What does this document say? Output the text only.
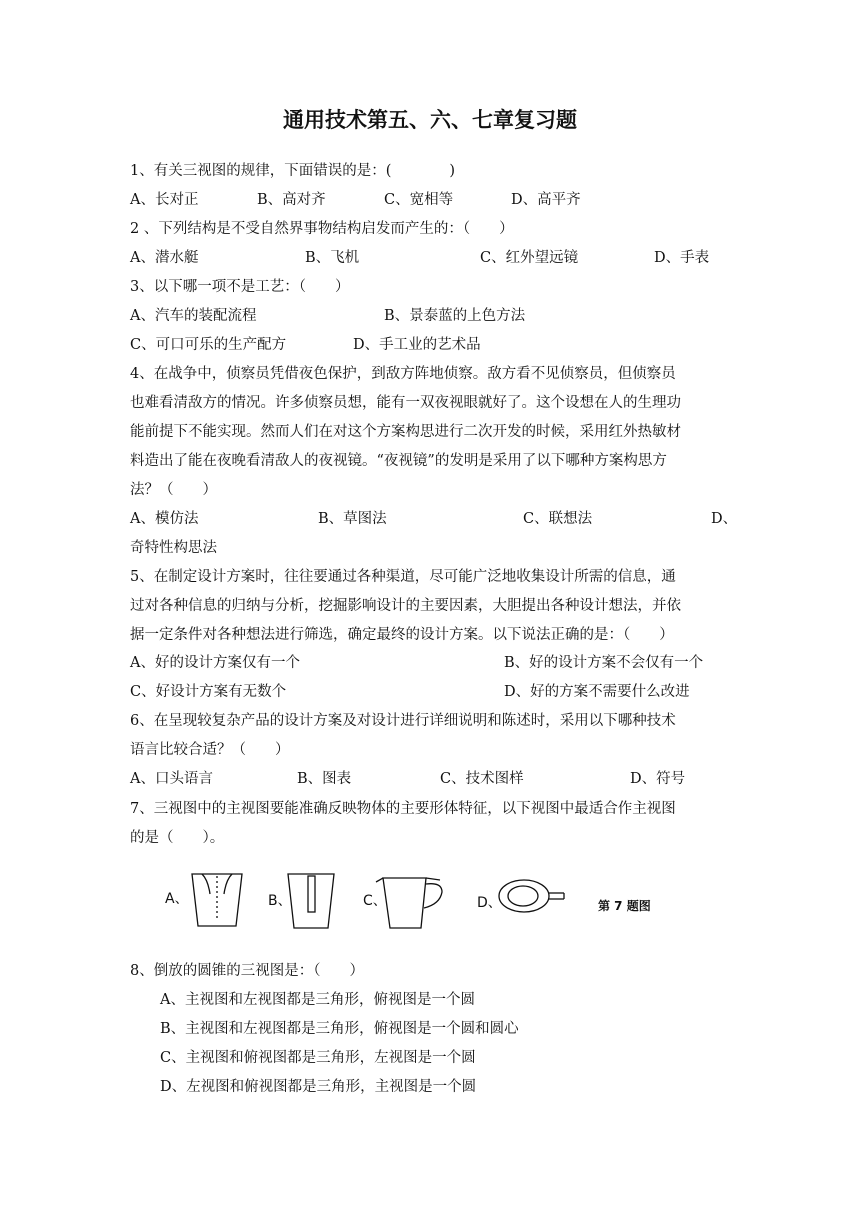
通用技术第五、六、七章复习题
1、有关三视图的规律，下面错误的是：(　　　　)
A、长对正	B、高对齐	C、宽相等	D、高平齐
2 、下列结构是不受自然界事物结构启发而产生的：（　　）
A、潜水艇	B、飞机	C、红外望远镜	D、手表
3、以下哪一项不是工艺：（　　）
A、汽车的装配流程	B、景泰蓝的上色方法
C、可口可乐的生产配方	D、手工业的艺术品
4、在战争中，侦察员凭借夜色保护，到敌方阵地侦察。敌方看不见侦察员，但侦察员
也难看清敌方的情况。许多侦察员想，能有一双夜视眼就好了。这个设想在人的生理功
能前提下不能实现。然而人们在对这个方案构思进行二次开发的时候，采用红外热敏材
料造出了能在夜晚看清敌人的夜视镜。“夜视镜”的发明是采用了以下哪种方案构思方
法？（　　）
A、模仿法	B、草图法	C、联想法	D、
奇特性构思法
5、在制定设计方案时，往往要通过各种渠道，尽可能广泛地收集设计所需的信息，通
过对各种信息的归纳与分析，挖掘影响设计的主要因素，大胆提出各种设计想法，并依
据一定条件对各种想法进行筛选，确定最终的设计方案。以下说法正确的是：（　　）
A、好的设计方案仅有一个	B、好的设计方案不会仅有一个
C、好设计方案有无数个	D、好的方案不需要什么改进
6、在呈现较复杂产品的设计方案及对设计进行详细说明和陈述时，采用以下哪种技术
语言比较合适？（　　）
A、口头语言	B、图表	C、技术图样	D、符号
7、三视图中的主视图要能准确反映物体的主要形体特征，以下视图中最适合作主视图
的是（　　）。
A、	B、	C、	D、	第 7 题图
8、倒放的圆锥的三视图是：（　　）
A、主视图和左视图都是三角形，俯视图是一个圆
B、主视图和左视图都是三角形，俯视图是一个圆和圆心
C、主视图和俯视图都是三角形，左视图是一个圆
D、左视图和俯视图都是三角形，主视图是一个圆
